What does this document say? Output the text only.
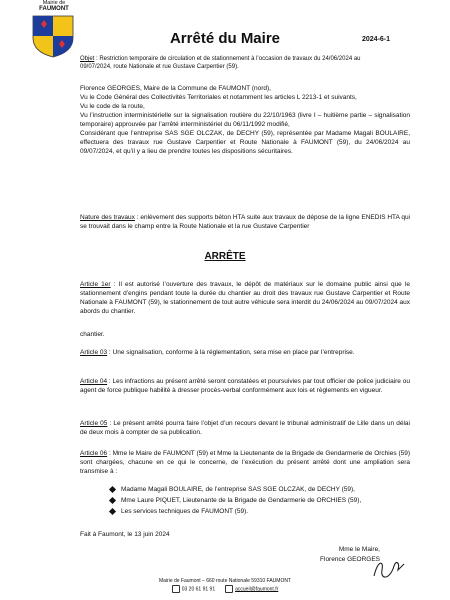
Mairie de
FAUMONT
Arrêté du Maire	2024-6-1
Objet : Restriction temporaire de circulation et de stationnement à l’occasion de travaux du 24/06/2024 au 09/07/2024, route Nationale et rue Gustave Carpentier (59).

Florence GEORGES, Maire de la Commune de FAUMONT (nord),

Vu le Code Général des Collectivités Territoriales et notamment les articles L 2213-1 et suivants,

Vu le code de la route,

Vu l’instruction interministérielle sur la signalisation routière du 22/10/1963 (livre I – huitième partie – signalisation temporaire) approuvée par l’arrêté interministériel du 06/11/1992 modifié,

Considérant que l’entreprise SAS SGE OLCZAK, de DECHY (59), représentée par Madame Magali BOULAIRE, effectuera des travaux rue Gustave Carpentier et Route Nationale à FAUMONT (59), du 24/06/2024 au 09/07/2024, et qu’il y a lieu de prendre toutes les dispositions sécuritaires.

Nature des travaux : enlèvement des supports béton HTA suite aux travaux de dépose de la ligne ENEDIS HTA qui se trouvait dans le champ entre la Route Nationale et la rue Gustave Carpentier

ARRÊTE

Article 1er : Il est autorisé l’ouverture des travaux, le dépôt de matériaux sur le domaine public ainsi que le stationnement d’engins pendant toute la durée du chantier au droit des travaux rue Gustave Carpentier et Route Nationale à FAUMONT (59), le stationnement de tout autre véhicule sera interdit du 24/06/2024 au 09/07/2024 aux abords du chantier.

chantier.

Article 03 : Une signalisation, conforme à la réglementation, sera mise en place par l’entreprise.

Article 04 : Les infractions au présent arrêté seront constatées et poursuivies par tout officier de police judiciaire ou agent de force publique habilité à dresser procès-verbal conformément aux lois et règlements en vigueur.

Article 05 : Le présent arrêté pourra faire l’objet d’un recours devant le tribunal administratif de Lille dans un délai de deux mois à compter de sa publication.

Article 06 : Mme le Maire de FAUMONT (59) et Mme la Lieutenante de la Brigade de Gendarmerie de Orchies (59) sont chargées, chacune en ce qui le concerne, de l’exécution du présent arrêté dont une ampliation sera transmise à :

Madame Magali BOULAIRE, de l’entreprise SAS SGE OLCZAK, de DECHY (59),
Mme Laure PIQUET, Lieutenante de la Brigade de Gendarmerie de ORCHIES (59),
Les services techniques de FAUMONT (59).
Fait à Faumont, le 13 juin 2024
Mme le Maire,
Florence GEORGES
Mairie de Faumont – 660 route Nationale 59310 FAUMONT
03 20 61 91 91	accueil@faumont.fr
